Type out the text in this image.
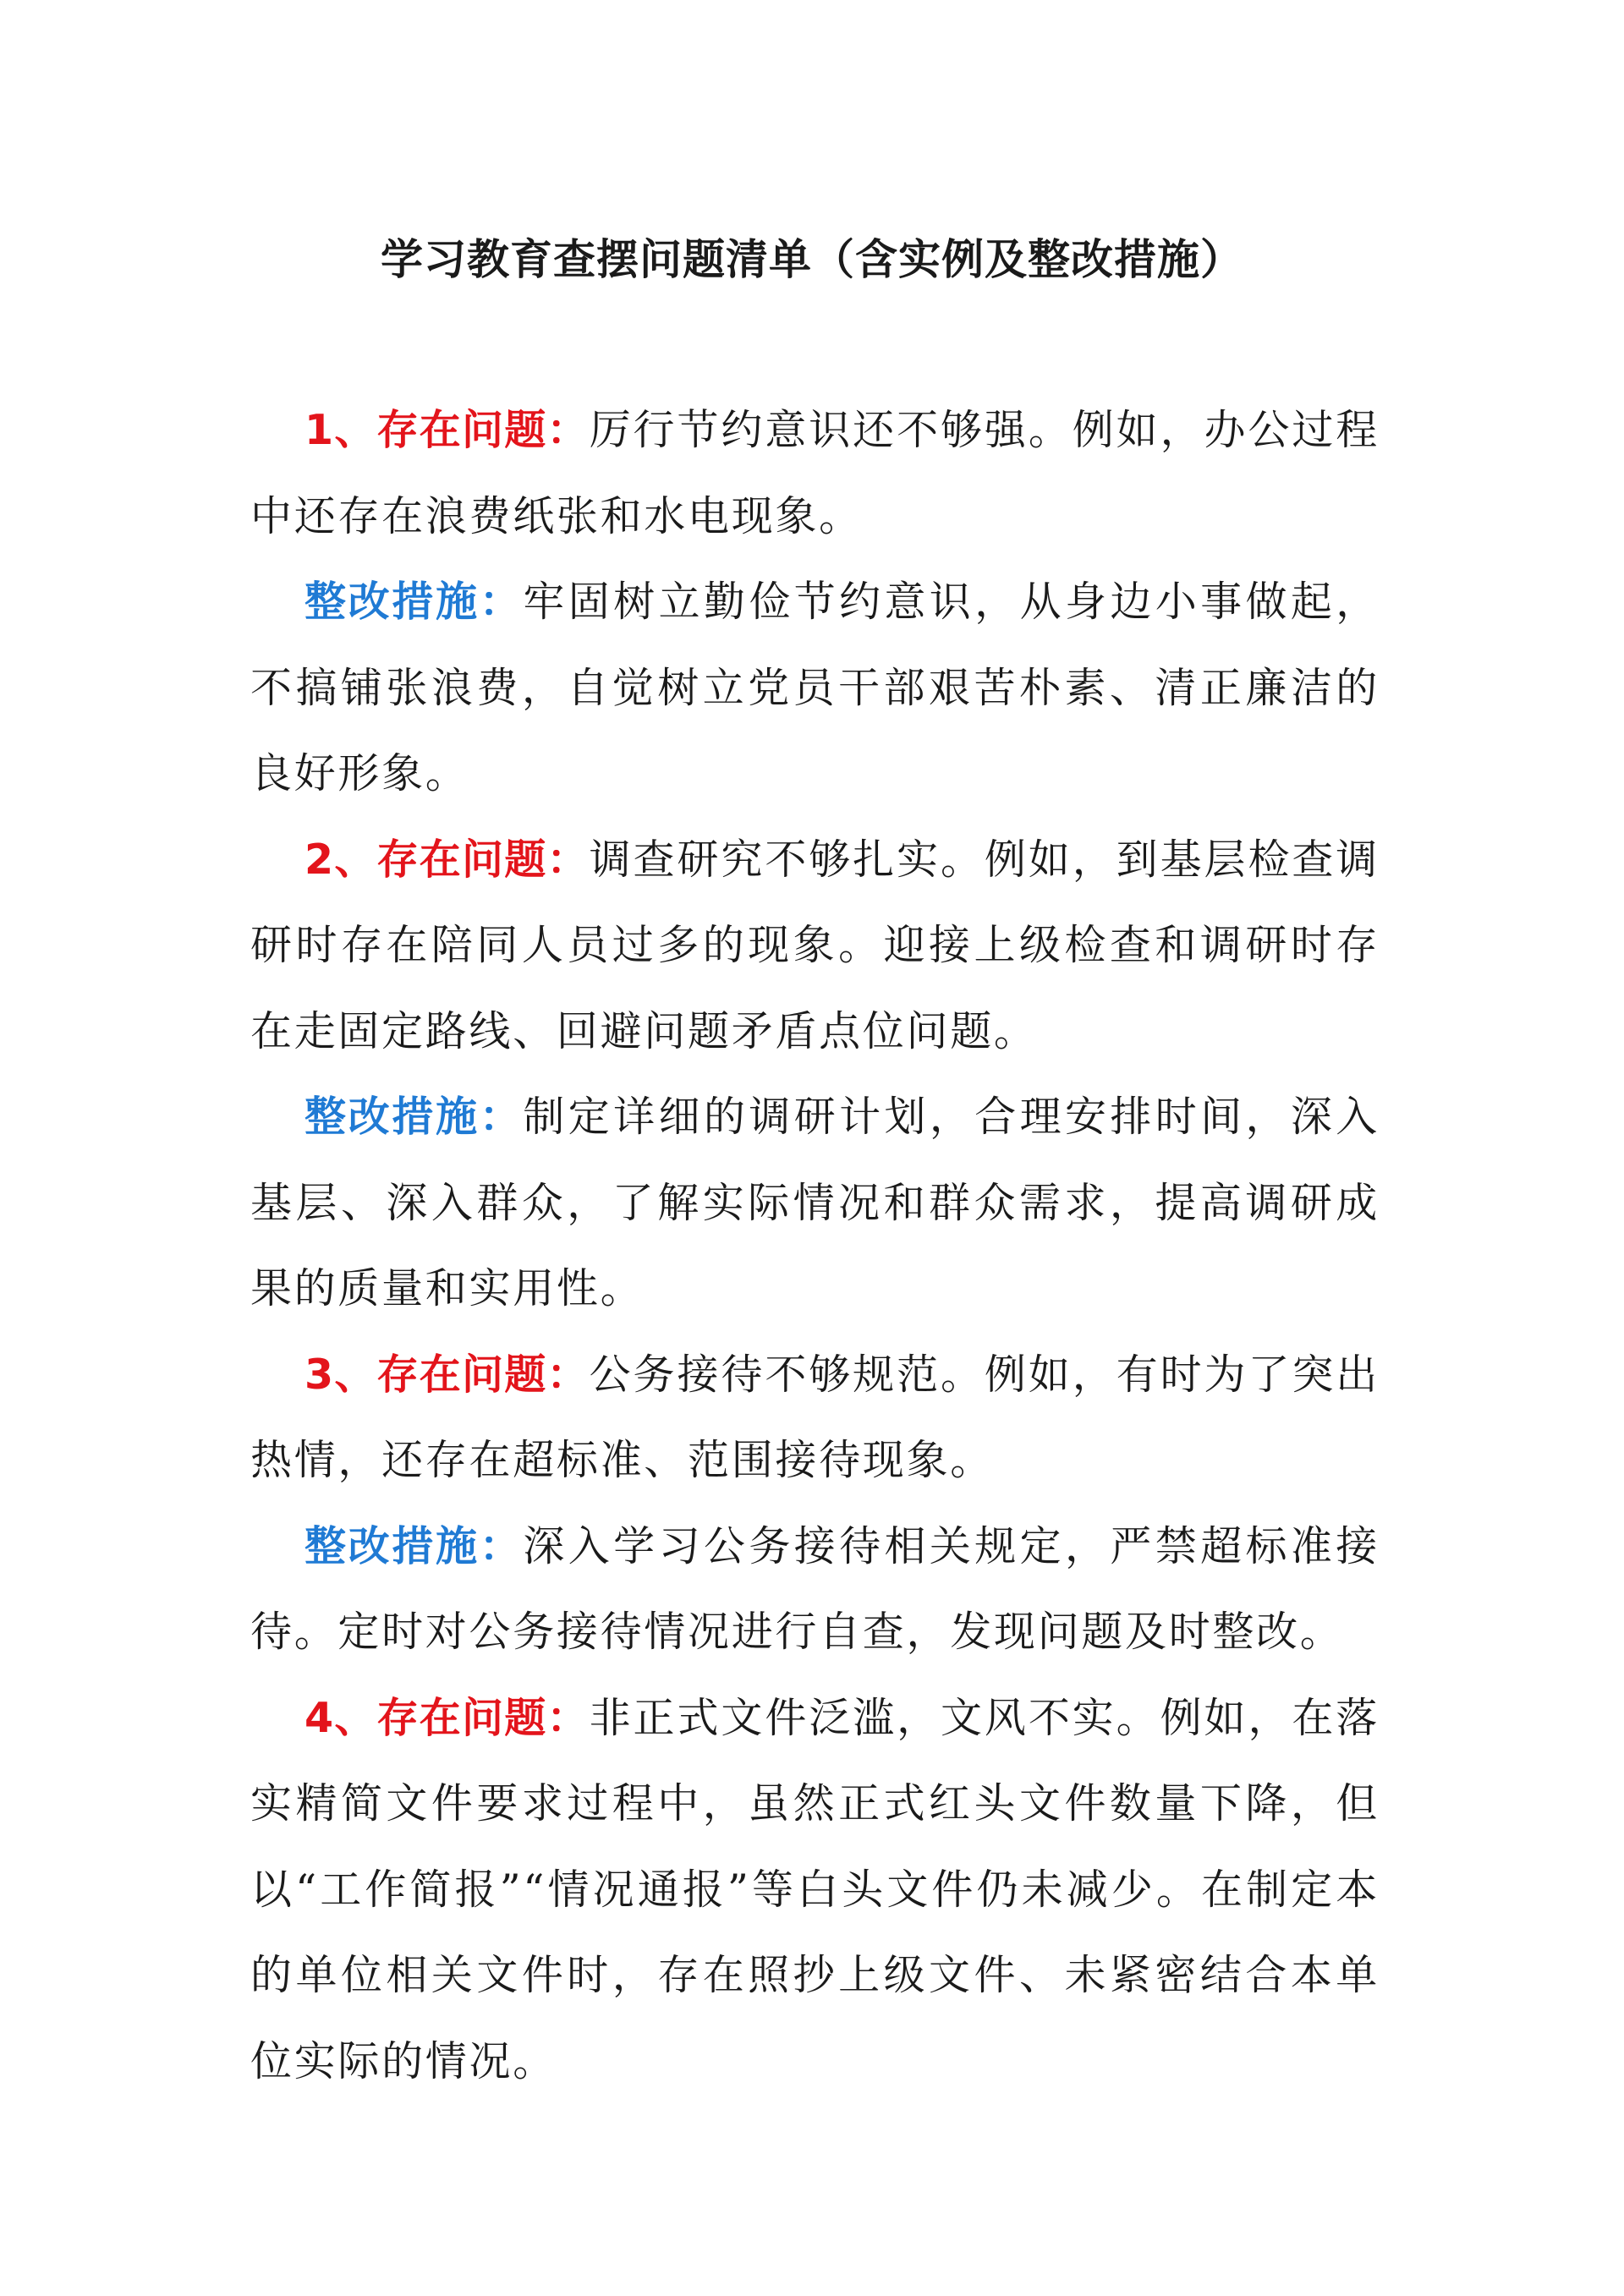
学习教育查摆问题清单（含实例及整改措施）

1、存在问题：厉行节约意识还不够强。例如，办公过程中还存在浪费纸张和水电现象。

整改措施：牢固树立勤俭节约意识，从身边小事做起，不搞铺张浪费，自觉树立党员干部艰苦朴素、清正廉洁的良好形象。

2、存在问题：调查研究不够扎实。例如，到基层检查调研时存在陪同人员过多的现象。迎接上级检查和调研时存在走固定路线、回避问题矛盾点位问题。

整改措施：制定详细的调研计划，合理安排时间，深入基层、深入群众，了解实际情况和群众需求，提高调研成果的质量和实用性。

3、存在问题：公务接待不够规范。例如，有时为了突出热情，还存在超标准、范围接待现象。

整改措施：深入学习公务接待相关规定，严禁超标准接待。定时对公务接待情况进行自查，发现问题及时整改。

4、存在问题：非正式文件泛滥，文风不实。例如，在落实精简文件要求过程中，虽然正式红头文件数量下降，但以“工作简报”“情况通报”等白头文件仍未减少。在制定本的单位相关文件时，存在照抄上级文件、未紧密结合本单位实际的情况。
